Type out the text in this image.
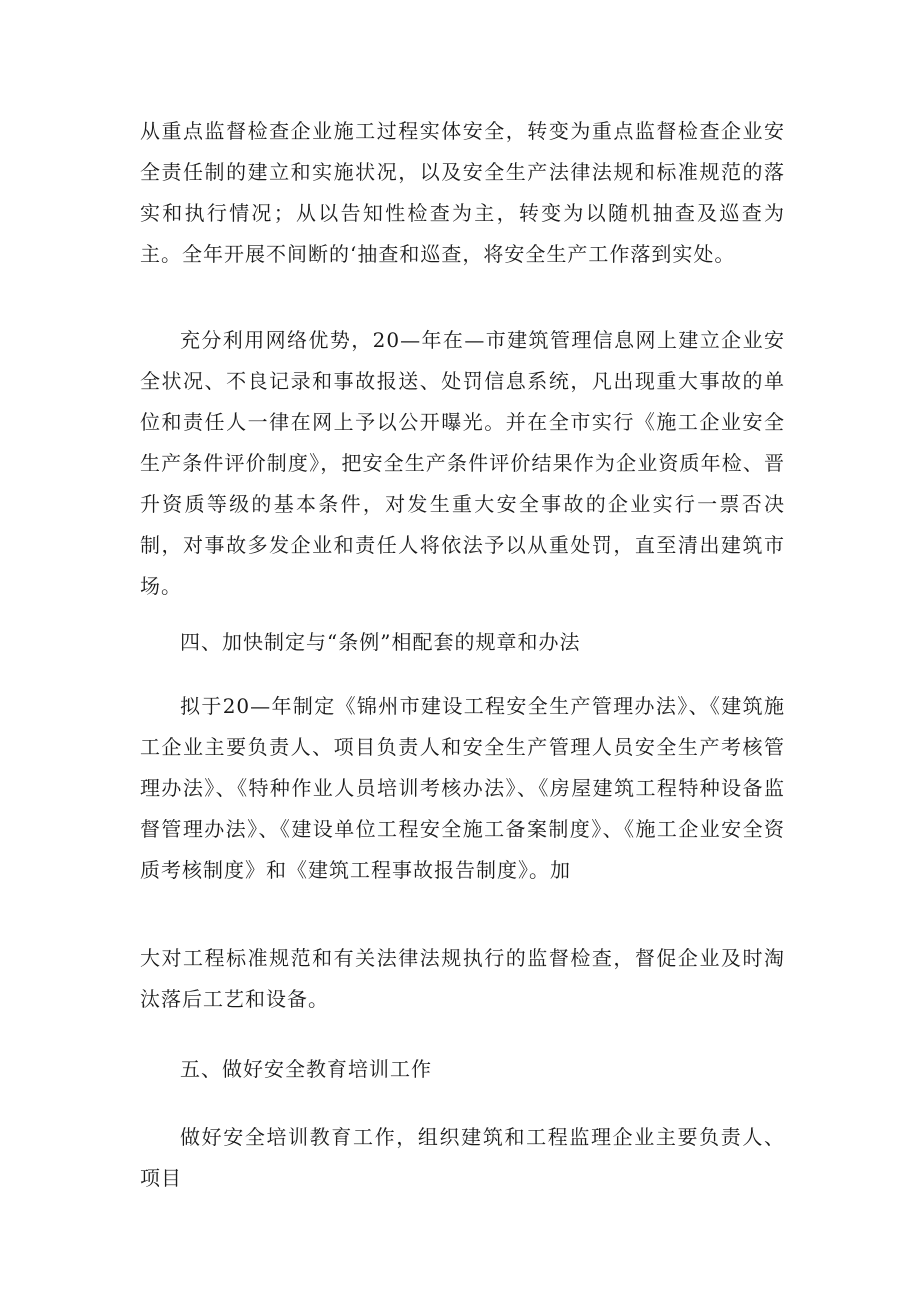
从重点监督检查企业施工过程实体安全，转变为重点监督检查企业安全责任制的建立和实施状况，以及安全生产法律法规和标准规范的落实和执行情况；从以告知性检查为主，转变为以随机抽查及巡查为主。全年开展不间断的‘抽查和巡查，将安全生产工作落到实处。

充分利用网络优势，20—年在—市建筑管理信息网上建立企业安全状况、不良记录和事故报送、处罚信息系统，凡出现重大事故的单位和责任人一律在网上予以公开曝光。并在全市实行《施工企业安全生产条件评价制度》，把安全生产条件评价结果作为企业资质年检、晋升资质等级的基本条件，对发生重大安全事故的企业实行一票否决制，对事故多发企业和责任人将依法予以从重处罚，直至清出建筑市场。

四、加快制定与“条例”相配套的规章和办法

拟于20—年制定《锦州市建设工程安全生产管理办法》、《建筑施工企业主要负责人、项目负责人和安全生产管理人员安全生产考核管理办法》、《特种作业人员培训考核办法》、《房屋建筑工程特种设备监督管理办法》、《建设单位工程安全施工备案制度》、《施工企业安全资质考核制度》和《建筑工程事故报告制度》。加

大对工程标准规范和有关法律法规执行的监督检查，督促企业及时淘汰落后工艺和设备。

五、做好安全教育培训工作

做好安全培训教育工作，组织建筑和工程监理企业主要负责人、项目
